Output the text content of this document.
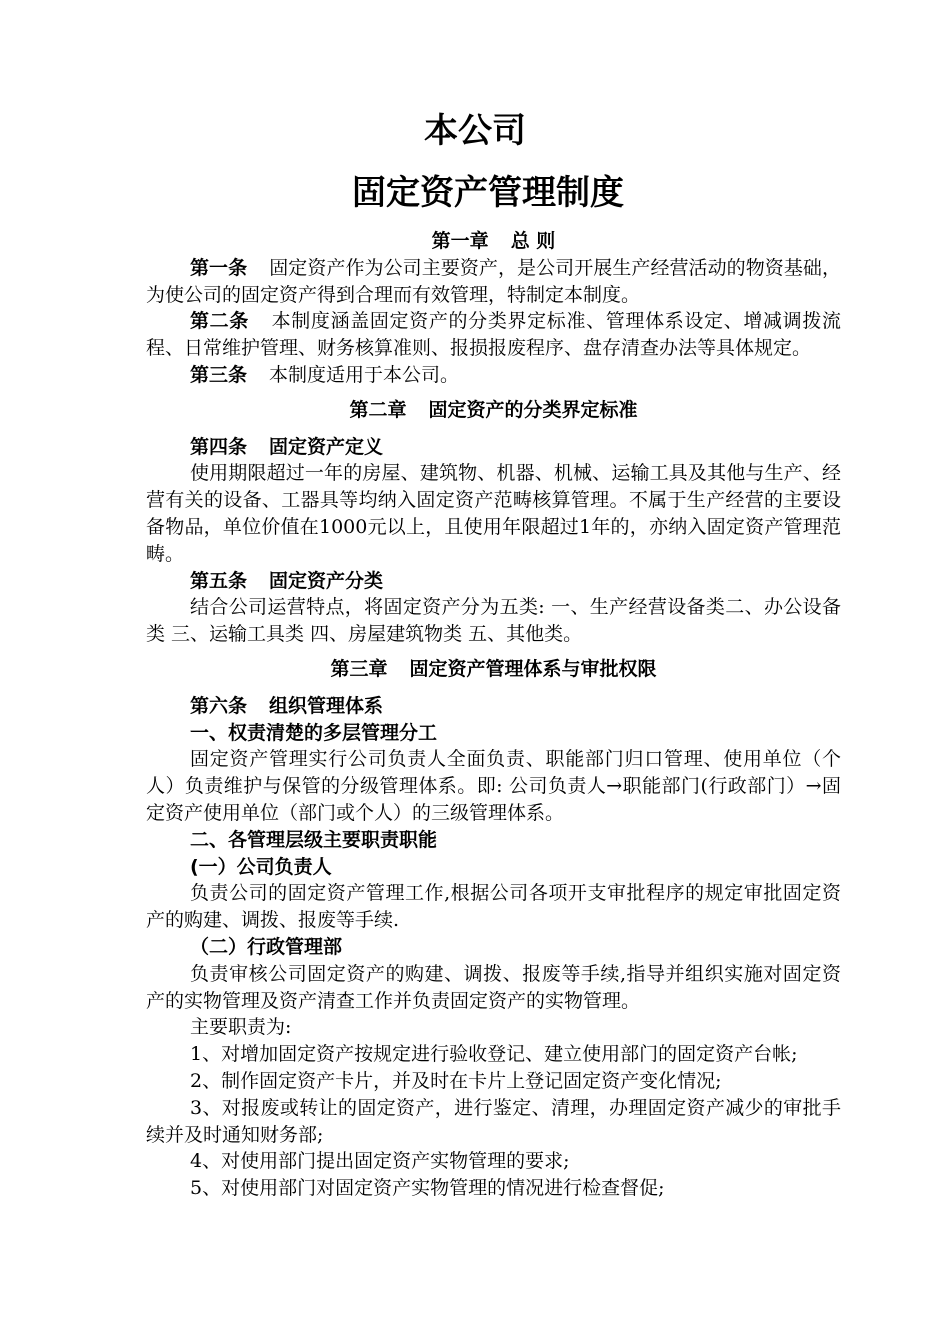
本公司
固定资产管理制度
第一章 总 则

第一条 固定资产作为公司主要资产，是公司开展生产经营活动的物资基础，为使公司的固定资产得到合理而有效管理，特制定本制度。

第二条 本制度涵盖固定资产的分类界定标准、管理体系设定、增减调拨流程、日常维护管理、财务核算准则、报损报废程序、盘存清查办法等具体规定。

第三条 本制度适用于本公司。

第二章 固定资产的分类界定标准
第四条 固定资产定义

使用期限超过一年的房屋、建筑物、机器、机械、运输工具及其他与生产、经营有关的设备、工器具等均纳入固定资产范畴核算管理。不属于生产经营的主要设备物品，单位价值在1000元以上，且使用年限超过1年的，亦纳入固定资产管理范畴。

第五条 固定资产分类

结合公司运营特点，将固定资产分为五类: 一、生产经营设备类二、办公设备类 三、运输工具类 四、房屋建筑物类 五、其他类。

第三章 固定资产管理体系与审批权限
第六条 组织管理体系
一、权责清楚的多层管理分工

固定资产管理实行公司负责人全面负责、职能部门归口管理、使用单位（个人）负责维护与保管的分级管理体系。即: 公司负责人→职能部门(行政部门）→固定资产使用单位（部门或个人）的三级管理体系。

二、各管理层级主要职责职能
(一）公司负责人

负责公司的固定资产管理工作,根据公司各项开支审批程序的规定审批固定资产的购建、调拨、报废等手续.

（二）行政管理部

负责审核公司固定资产的购建、调拨、报废等手续,指导并组织实施对固定资产的实物管理及资产清查工作并负责固定资产的实物管理。

主要职责为:

1、对增加固定资产按规定进行验收登记、建立使用部门的固定资产台帐;

2、制作固定资产卡片，并及时在卡片上登记固定资产变化情况;

3、对报废或转让的固定资产，进行鉴定、清理，办理固定资产减少的审批手续并及时通知财务部;

4、对使用部门提出固定资产实物管理的要求;

5、对使用部门对固定资产实物管理的情况进行检查督促;
